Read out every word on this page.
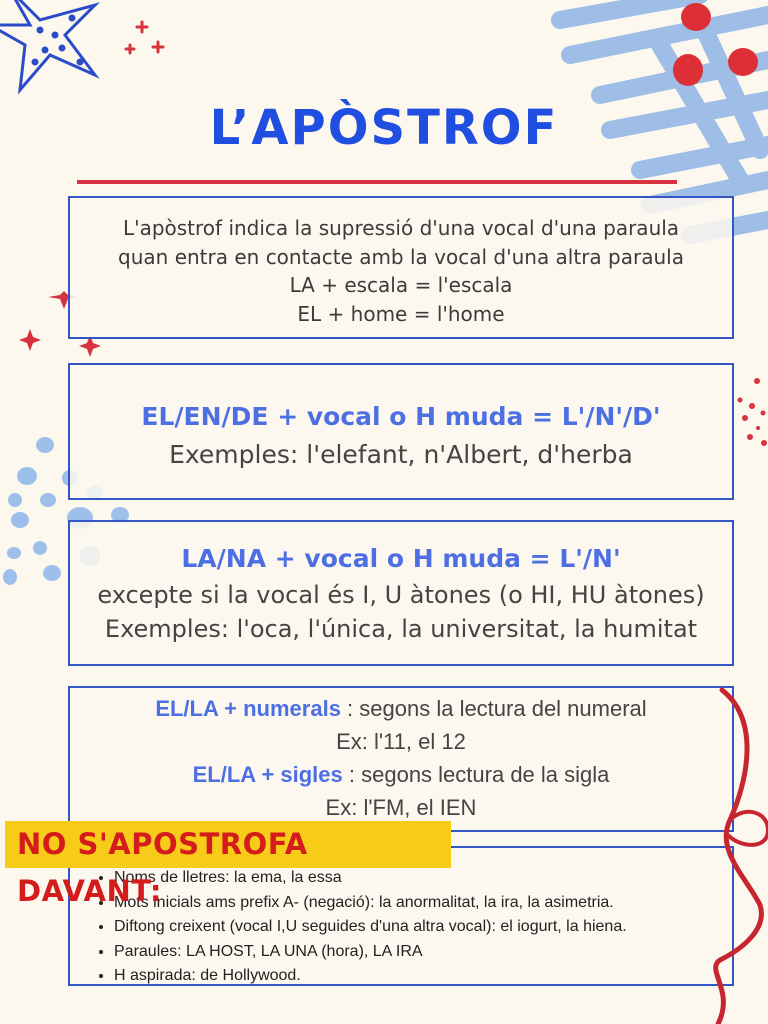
L’APÒSTROF

L'apòstrof indica la supressió d'una vocal d'una paraula

quan entra en contacte amb la vocal d'una altra paraula

LA + escala = l'escala

EL + home = l'home

EL/EN/DE + vocal o H muda = L'/N'/D'

Exemples: l'elefant, n'Albert, d'herba

LA/NA + vocal o H muda = L'/N'

excepte si la vocal és I, U àtones (o HI, HU àtones)

Exemples: l'oca, l'única, la universitat, la humitat

EL/LA + numerals : segons la lectura del numeral

Ex: l'11, el 12

EL/LA + sigles : segons lectura de la sigla

Ex: l'FM, el IEN

• Noms de lletres: la ema, la essa
• Mots inicials ams prefix A- (negació): la anormalitat, la ira, la asimetria.
• Diftong creixent (vocal I,U seguides d'una altra vocal): el iogurt, la hiena.
• Paraules: LA HOST, LA UNA (hora), LA IRA
• H aspirada: de Hollywood.
NO S'APOSTROFA DAVANT:
